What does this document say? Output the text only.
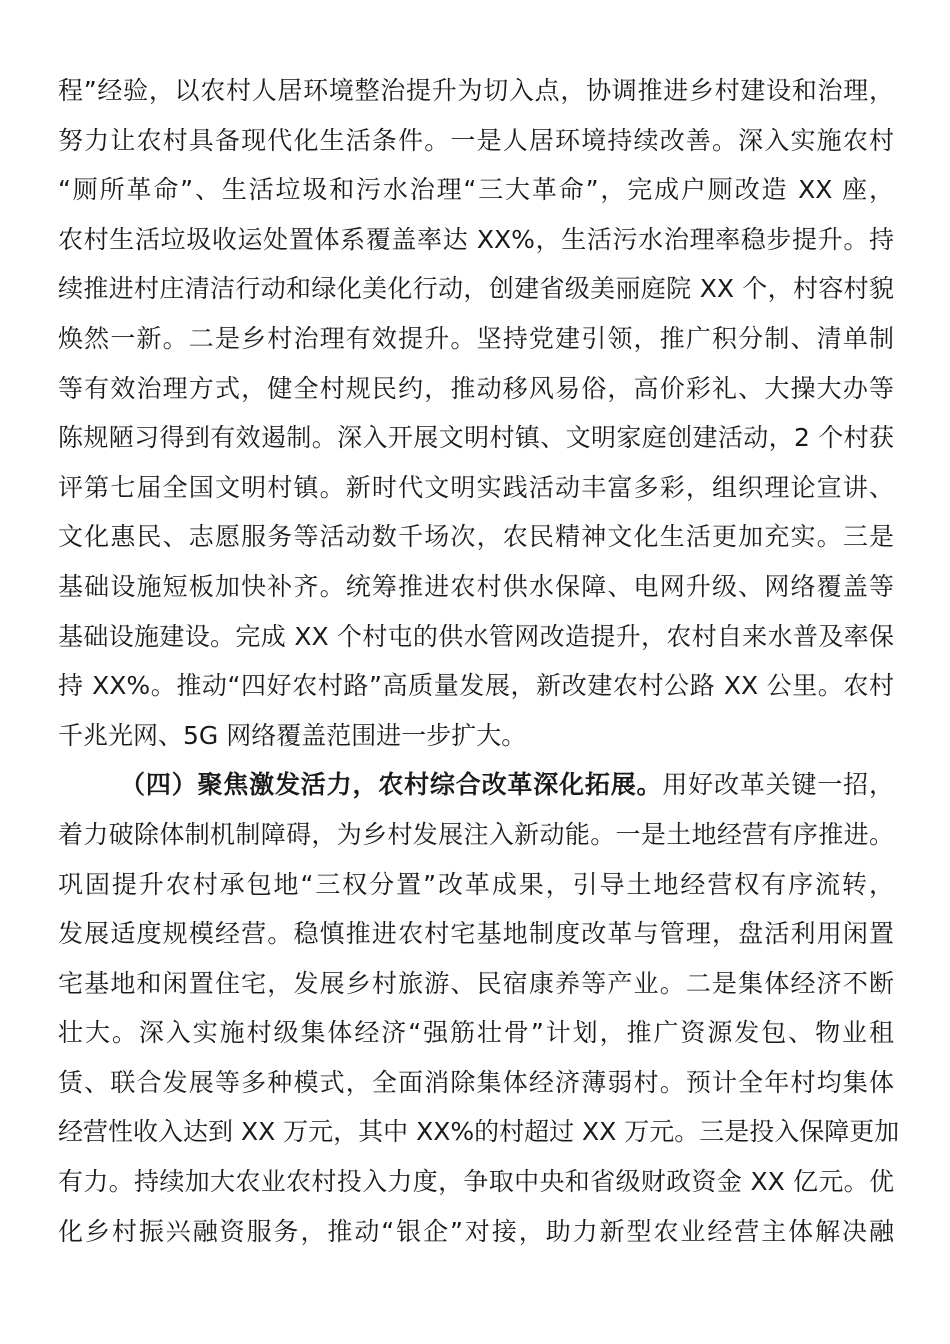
程”经验，以农村人居环境整治提升为切入点，协调推进乡村建设和治理，
努力让农村具备现代化生活条件。一是人居环境持续改善。深入实施农村
“厕所革命”、生活垃圾和污水治理“三大革命”，完成户厕改造 XX 座，
农村生活垃圾收运处置体系覆盖率达 XX%，生活污水治理率稳步提升。持
续推进村庄清洁行动和绿化美化行动，创建省级美丽庭院 XX 个，村容村貌
焕然一新。二是乡村治理有效提升。坚持党建引领，推广积分制、清单制
等有效治理方式，健全村规民约，推动移风易俗，高价彩礼、大操大办等
陈规陋习得到有效遏制。深入开展文明村镇、文明家庭创建活动，2 个村获
评第七届全国文明村镇。新时代文明实践活动丰富多彩，组织理论宣讲、
文化惠民、志愿服务等活动数千场次，农民精神文化生活更加充实。三是
基础设施短板加快补齐。统筹推进农村供水保障、电网升级、网络覆盖等
基础设施建设。完成 XX 个村屯的供水管网改造提升，农村自来水普及率保
持 XX%。推动“四好农村路”高质量发展，新改建农村公路 XX 公里。农村
千兆光网、5G 网络覆盖范围进一步扩大。
（四）聚焦激发活力，农村综合改革深化拓展。用好改革关键一招，
着力破除体制机制障碍，为乡村发展注入新动能。一是土地经营有序推进。
巩固提升农村承包地“三权分置”改革成果，引导土地经营权有序流转，
发展适度规模经营。稳慎推进农村宅基地制度改革与管理，盘活利用闲置
宅基地和闲置住宅，发展乡村旅游、民宿康养等产业。二是集体经济不断
壮大。深入实施村级集体经济“强筋壮骨”计划，推广资源发包、物业租
赁、联合发展等多种模式，全面消除集体经济薄弱村。预计全年村均集体
经营性收入达到 XX 万元，其中 XX%的村超过 XX 万元。三是投入保障更加
有力。持续加大农业农村投入力度，争取中央和省级财政资金 XX 亿元。优
化乡村振兴融资服务，推动“银企”对接，助力新型农业经营主体解决融
